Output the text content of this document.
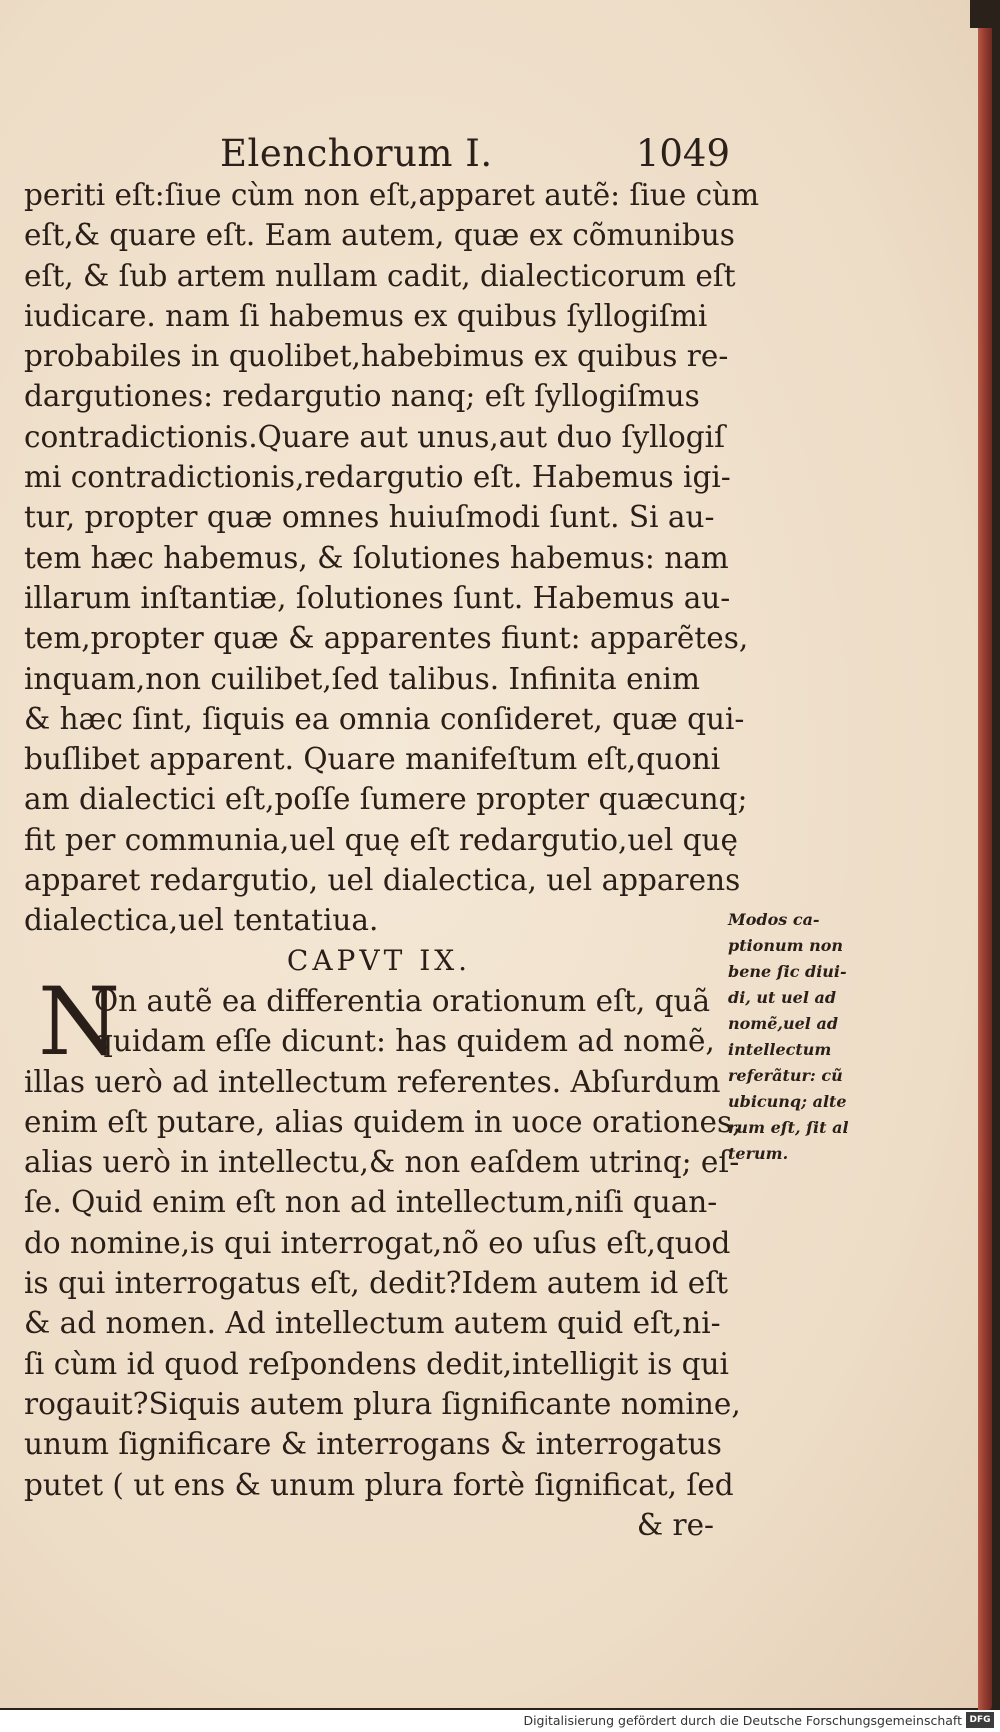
Elenchorum I.	1049
periti eſt:ſiue cùm non eſt,apparet autẽ: ſiue cùm
eſt,& quare eſt. Eam autem, quæ ex cõmunibus
eſt, & ſub artem nullam cadit, dialecticorum eſt
iudicare. nam ſi habemus ex quibus ſyllogiſmi
probabiles in quolibet,habebimus ex quibus re-
dargutiones: redargutio nanq; eſt ſyllogiſmus
contradictionis.Quare aut unus,aut duo ſyllogiſ
mi contradictionis,redargutio eſt. Habemus igi-
tur, propter quæ omnes huiuſmodi ſunt. Si au-
tem hæc habemus, & ſolutiones habemus: nam
illarum inſtantiæ, ſolutiones ſunt. Habemus au-
tem,propter quæ & apparentes fiunt: apparẽtes,
inquam,non cuilibet,ſed talibus. Infinita enim
& hæc ſint, ſiquis ea omnia conſideret, quæ qui-
buſlibet apparent. Quare manifeſtum eſt,quoni
am dialectici eſt,poſſe ſumere propter quæcunq;
fit per communia,uel quę eſt redargutio,uel quę
apparet redargutio, uel dialectica, uel apparens
dialectica,uel tentatiua.
CAPVT IX.
N
On autẽ ea differentia orationum eſt, quã
quidam eſſe dicunt: has quidem ad nomẽ,
illas uerò ad intellectum referentes. Abſurdum
enim eſt putare, alias quidem in uoce orationes,
alias uerò in intellectu,& non eaſdem utrinq; eſ-
ſe. Quid enim eſt non ad intellectum,niſi quan-
do nomine,is qui interrogat,nõ eo uſus eſt,quod
is qui interrogatus eſt, dedit?Idem autem id eſt
& ad nomen. Ad intellectum autem quid eſt,ni-
ſi cùm id quod reſpondens dedit,intelligit is qui
rogauit?Siquis autem plura ſignificante nomine,
unum ſignificare & interrogans & interrogatus
putet ( ut ens & unum plura fortè ſignificat, ſed
& re-
Modos ca-
ptionum non
bene ſic diui-
di, ut uel ad
nomẽ,uel ad
intellectum
referãtur: cũ
ubicunq; alte
rum eſt, ſit al
terum.
Digitalisierung gefördert durch die Deutsche Forschungsgemeinschaft DFG
